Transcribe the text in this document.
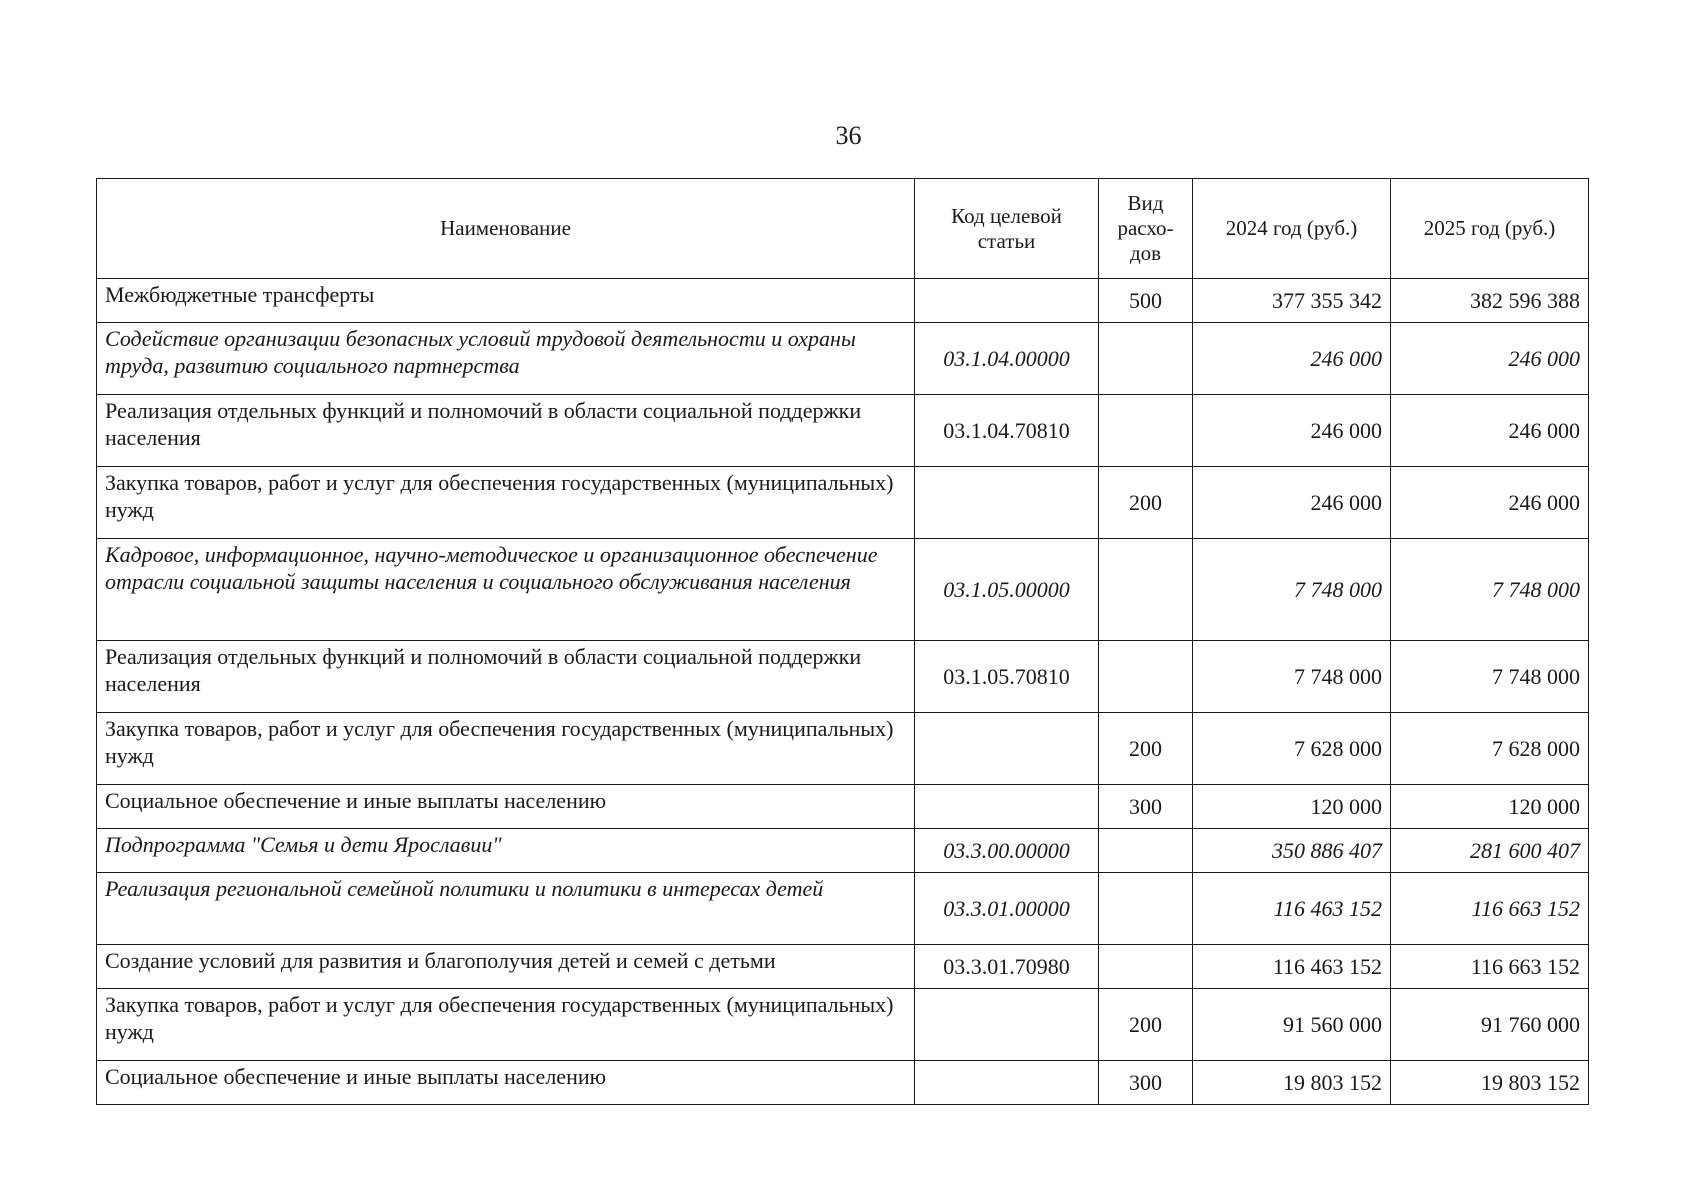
36
Наименование	Код целевой статьи	Вид расхо-дов	2024 год (руб.)	2025 год (руб.)
Межбюджетные трансферты		500	377 355 342	382 596 388
Содействие организации безопасных условий трудовой деятельности и охраны труда, развитию социального партнерства	03.1.04.00000		246 000	246 000
Реализация отдельных функций и полномочий в области социальной поддержки населения	03.1.04.70810		246 000	246 000
Закупка товаров, работ и услуг для обеспечения государственных (муниципальных) нужд		200	246 000	246 000
Кадровое, информационное, научно-методическое и организационное обеспечение отрасли социальной защиты населения и социального обслуживания населения	03.1.05.00000		7 748 000	7 748 000
Реализация отдельных функций и полномочий в области социальной поддержки населения	03.1.05.70810		7 748 000	7 748 000
Закупка товаров, работ и услуг для обеспечения государственных (муниципальных) нужд		200	7 628 000	7 628 000
Социальное обеспечение и иные выплаты населению		300	120 000	120 000
Подпрограмма "Семья и дети Ярославии"	03.3.00.00000		350 886 407	281 600 407
Реализация региональной семейной политики и политики в интересах детей	03.3.01.00000		116 463 152	116 663 152
Создание условий для развития и благополучия детей и семей с детьми	03.3.01.70980		116 463 152	116 663 152
Закупка товаров, работ и услуг для обеспечения государственных (муниципальных) нужд		200	91 560 000	91 760 000
Социальное обеспечение и иные выплаты населению		300	19 803 152	19 803 152
